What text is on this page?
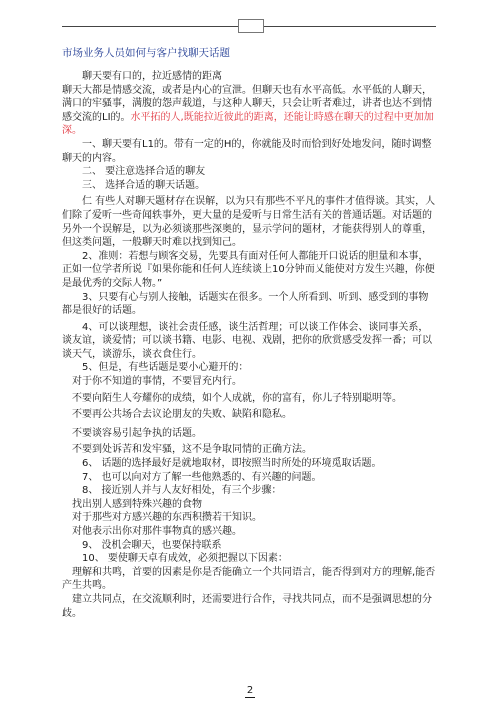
市场业务人员如何与客户找聊天话题

聊天要有口的，拉近感情的距离

聊天大都是情感交流，或者是内心的宣泄。但聊天也有水平高低。水平低的人聊天，满口的牢骚事，满腹的怨声载道，与这种人聊天，只会让听者难过，讲者也达不到情感交流的LI的。水平拓的人,既能拉近彼此的距离，还能让時感在聊天的过程中更加加深。

一、聊天要有L1的。带有一定的H的，你就能及时而恰到好处地发问，随时调整聊天的内容。

二、 要注意选择合适的聊友

三、 选择合适的聊天话题。

仁 有些人对聊天题材存在误解，以为只有那些不平凡的事件才值得谈。其实，人们除了爱听一些奇闻轶事外，更大量的是爱听与日常生活有关的普通话题。对话题的另外一个误解是，以为必须谈那些深奥的，显示学问的题材，才能获得别人的尊重，但这类问题，一般聊天时难以找到知己。

2、准则：若想与顾客交易，先要具有面对任何人都能开口说话的胆量和本事，正如一位学者所说『如果你能和任何人连续谈上10分钟而乂能使对方发生兴趣，你便是最优秀的交际人物。”

3、只要有心与别人接触，话题实在很多。一个人所看到、听到、感受到的事物都是很好的话题。

4、可以谈理想，谈社会责任感，谈生活哲理；可以谈工作体会、谈同事关系，谈友谊，谈爱情；可以谈书籍、电影、电视、戏剧，把你的欣赏感受发挥一番；可以谈天气，谈游乐，谈衣食住行。

5、但是，有些话题是要小心避开的：

对于你不知道的事情，不要冒充内行。

不要向陌生人夸耀你的成绩，如个人成就，你的富有，你儿子特别聪明等。

不要再公共场合去议论朋友的失败、缺陷和隐私。

不要谈容易引起争执的话题。

不要到处诉苦和发牢骚，这不是争取同情的正确方法。

6、 话题的选择最好是就地取材，即按照当时所处的环境觅取话题。

7、 也可以向对方了解一些他熟悉的、有兴趣的问题。

8、 接近别人并与人友好相处，有三个步骤：

找出别人感到特殊兴趣的食物

对于那些对方感兴趣的东西积攒若干知识。

对他表示出你对那件事物真的感兴趣。

9、 没机会聊天，也要保持联系

10、 要使聊天卓有成效，必须把握以下因素：

理解和共鸣，首要的因素是你是否能确立一个共同语言，能否得到对方的理解,能否产生共鸣。

建立共同点，在交流顺利时，还需要进行合作，寻找共同点，而不是强调思想的分歧。

2
